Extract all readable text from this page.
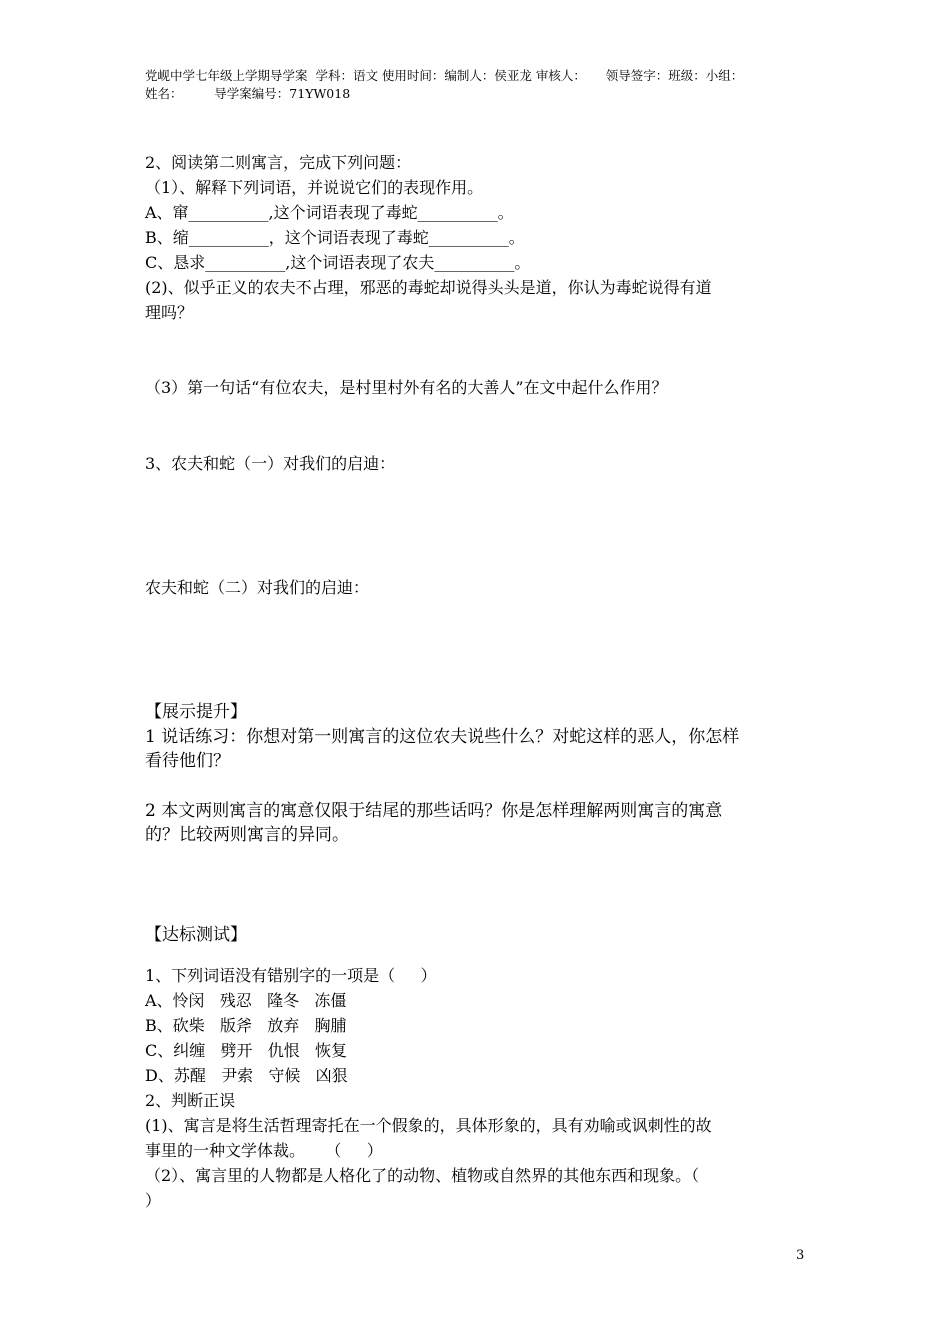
党岘中学七年级上学期导学案  学科：语文 使用时间：编制人：侯亚龙 审核人：     领导签字：班级：小组：
姓名：        导学案编号：71YW018
2、阅读第二则寓言，完成下列问题：
（1）、解释下列词语，并说说它们的表现作用。
A、窜__________,这个词语表现了毒蛇__________。
B、缩__________，这个词语表现了毒蛇__________。
C、恳求__________,这个词语表现了农夫__________。
(2)、似乎正义的农夫不占理，邪恶的毒蛇却说得头头是道，你认为毒蛇说得有道
理吗？
（3）第一句话“有位农夫，是村里村外有名的大善人”在文中起什么作用？
3、农夫和蛇（一）对我们的启迪：
农夫和蛇（二）对我们的启迪：
【展示提升】
1 说话练习：你想对第一则寓言的这位农夫说些什么？对蛇这样的恶人，你怎样
看待他们？
2 本文两则寓言的寓意仅限于结尾的那些话吗？你是怎样理解两则寓言的寓意
的？比较两则寓言的异同。
【达标测试】
1、下列词语没有错别字的一项是（     ）
A、怜闵   残忍   隆冬   冻僵
B、砍柴   版斧   放弃   胸脯
C、纠缠   劈开   仇恨   恢复
D、苏醒   尹索   守候   凶狠
2、判断正误
(1)、寓言是将生活哲理寄托在一个假象的，具体形象的，具有劝喻或讽刺性的故
事里的一种文学体裁。    （     ）
（2）、寓言里的人物都是人格化了的动物、植物或自然界的其他东西和现象。（
）
3
